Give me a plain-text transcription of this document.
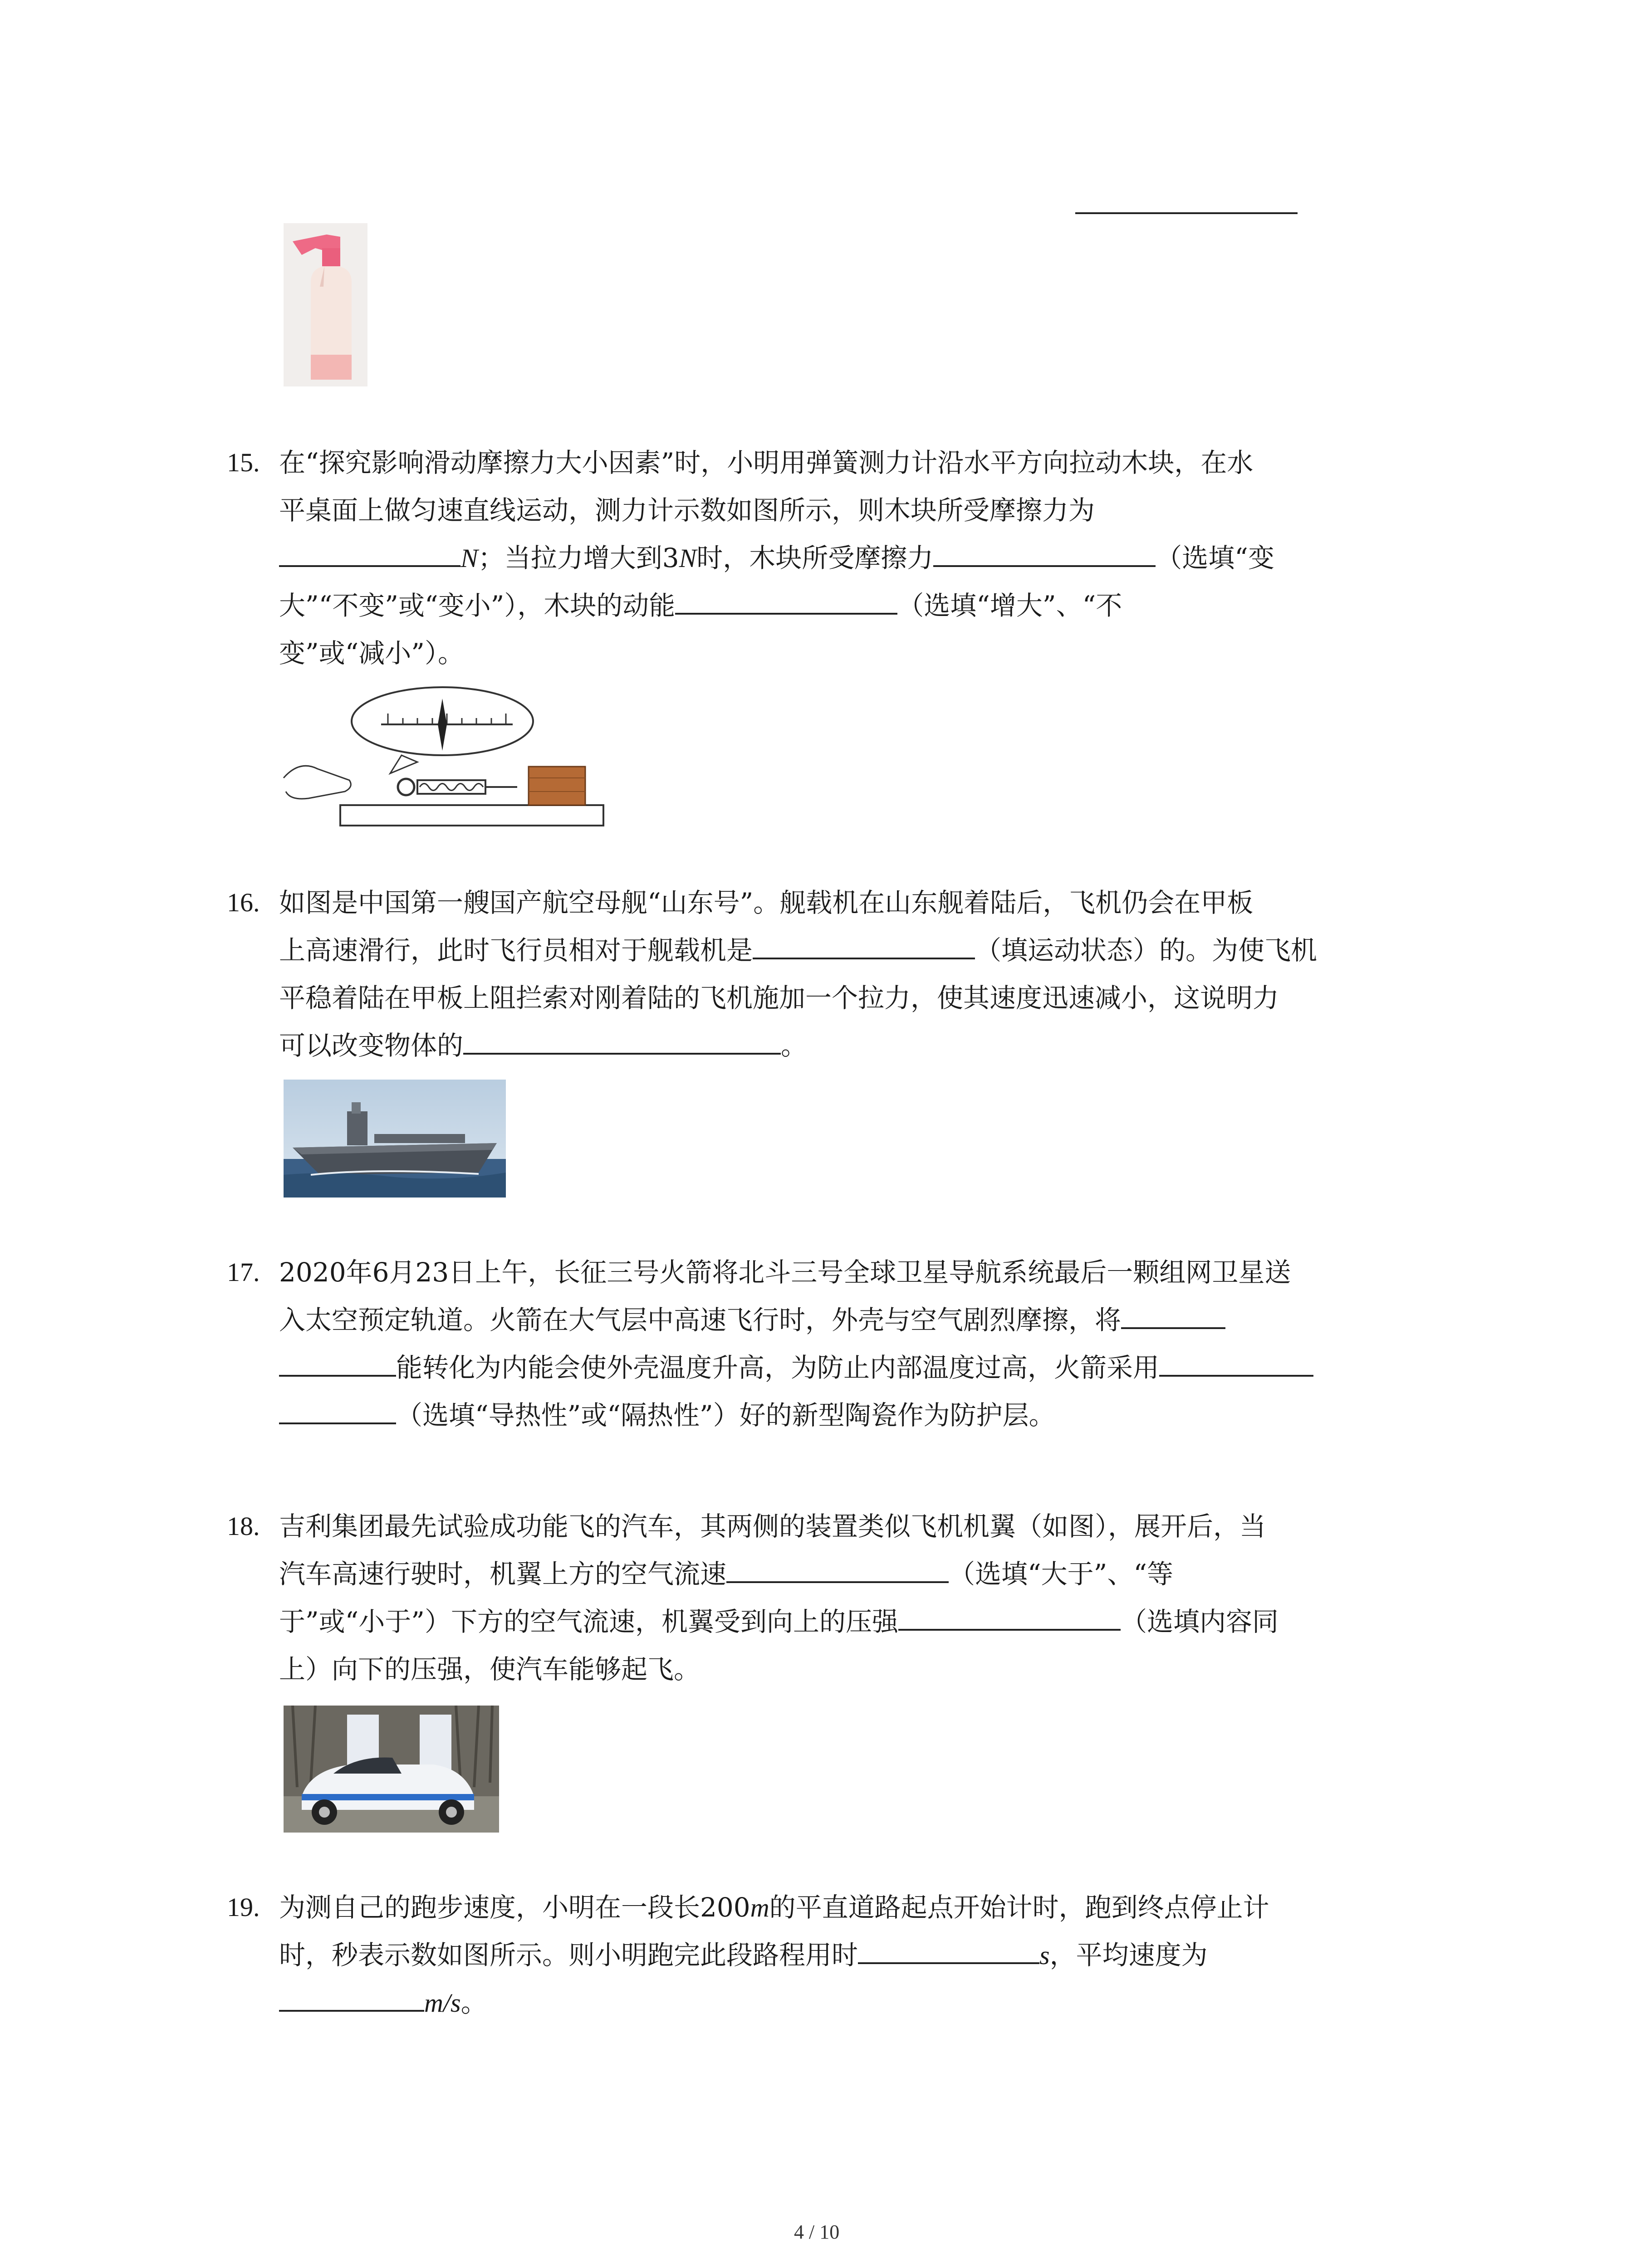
15. 在“探究影响滑动摩擦力大小因素”时，小明用弹簧测力计沿水平方向拉动木块，在水
平桌面上做匀速直线运动，测力计示数如图所示，则木块所受摩擦力为
N；当拉力增大到3N时，木块所受摩擦力	（选填“变
大”“不变”或“变小”），木块的动能	（选填“增大”、“不
变”或“减小”）。
16. 如图是中国第一艘国产航空母舰“山东号”。舰载机在山东舰着陆后，飞机仍会在甲板
上高速滑行，此时飞行员相对于舰载机是	（填运动状态）的。为使飞机
平稳着陆在甲板上阻拦索对刚着陆的飞机施加一个拉力，使其速度迅速减小，这说明力
可以改变物体的	。
17. 2020年6月23日上午，长征三号火箭将北斗三号全球卫星导航系统最后一颗组网卫星送
入太空预定轨道。火箭在大气层中高速飞行时，外壳与空气剧烈摩擦，将
能转化为内能会使外壳温度升高，为防止内部温度过高，火箭采用
（选填“导热性”或“隔热性”）好的新型陶瓷作为防护层。
18. 吉利集团最先试验成功能飞的汽车，其两侧的装置类似飞机机翼（如图），展开后，当
汽车高速行驶时，机翼上方的空气流速	（选填“大于”、“等
于”或“小于”）下方的空气流速，机翼受到向上的压强	（选填内容同
上）向下的压强，使汽车能够起飞。
19. 为测自己的跑步速度，小明在一段长200m的平直道路起点开始计时，跑到终点停止计
时，秒表示数如图所示。则小明跑完此段路程用时	s，平均速度为
m/s。
4 / 10
